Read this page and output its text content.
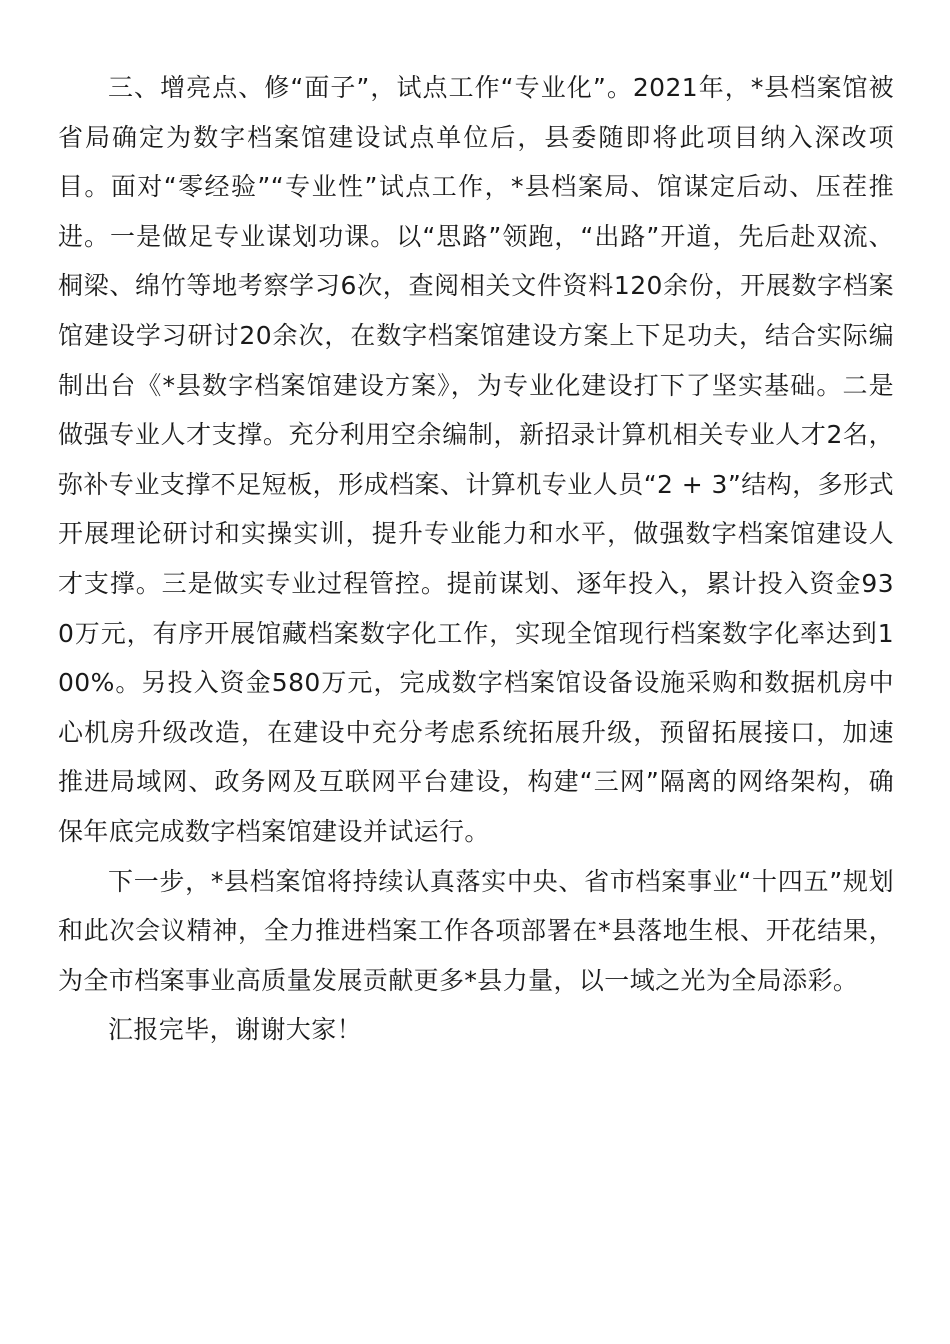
三、增亮点、修“面子”，试点工作“专业化”。2021年，*县档案馆被省局确定为数字档案馆建设试点单位后，县委随即将此项目纳入深改项目。面对“零经验”“专业性”试点工作，*县档案局、馆谋定后动、压茬推进。一是做足专业谋划功课。以“思路”领跑，“出路”开道，先后赴双流、桐梁、绵竹等地考察学习6次，查阅相关文件资料120余份，开展数字档案馆建设学习研讨20余次，在数字档案馆建设方案上下足功夫，结合实际编制出台《*县数字档案馆建设方案》，为专业化建设打下了坚实基础。二是做强专业人才支撑。充分利用空余编制，新招录计算机相关专业人才2名，弥补专业支撑不足短板，形成档案、计算机专业人员“2 + 3”结构，多形式开展理论研讨和实操实训，提升专业能力和水平，做强数字档案馆建设人才支撑。三是做实专业过程管控。提前谋划、逐年投入，累计投入资金930万元，有序开展馆藏档案数字化工作，实现全馆现行档案数字化率达到100%。另投入资金580万元，完成数字档案馆设备设施采购和数据机房中心机房升级改造，在建设中充分考虑系统拓展升级，预留拓展接口，加速推进局域网、政务网及互联网平台建设，构建“三网”隔离的网络架构，确保年底完成数字档案馆建设并试运行。

下一步，*县档案馆将持续认真落实中央、省市档案事业“十四五”规划和此次会议精神，全力推进档案工作各项部署在*县落地生根、开花结果，为全市档案事业高质量发展贡献更多*县力量，以一域之光为全局添彩。

汇报完毕，谢谢大家！
